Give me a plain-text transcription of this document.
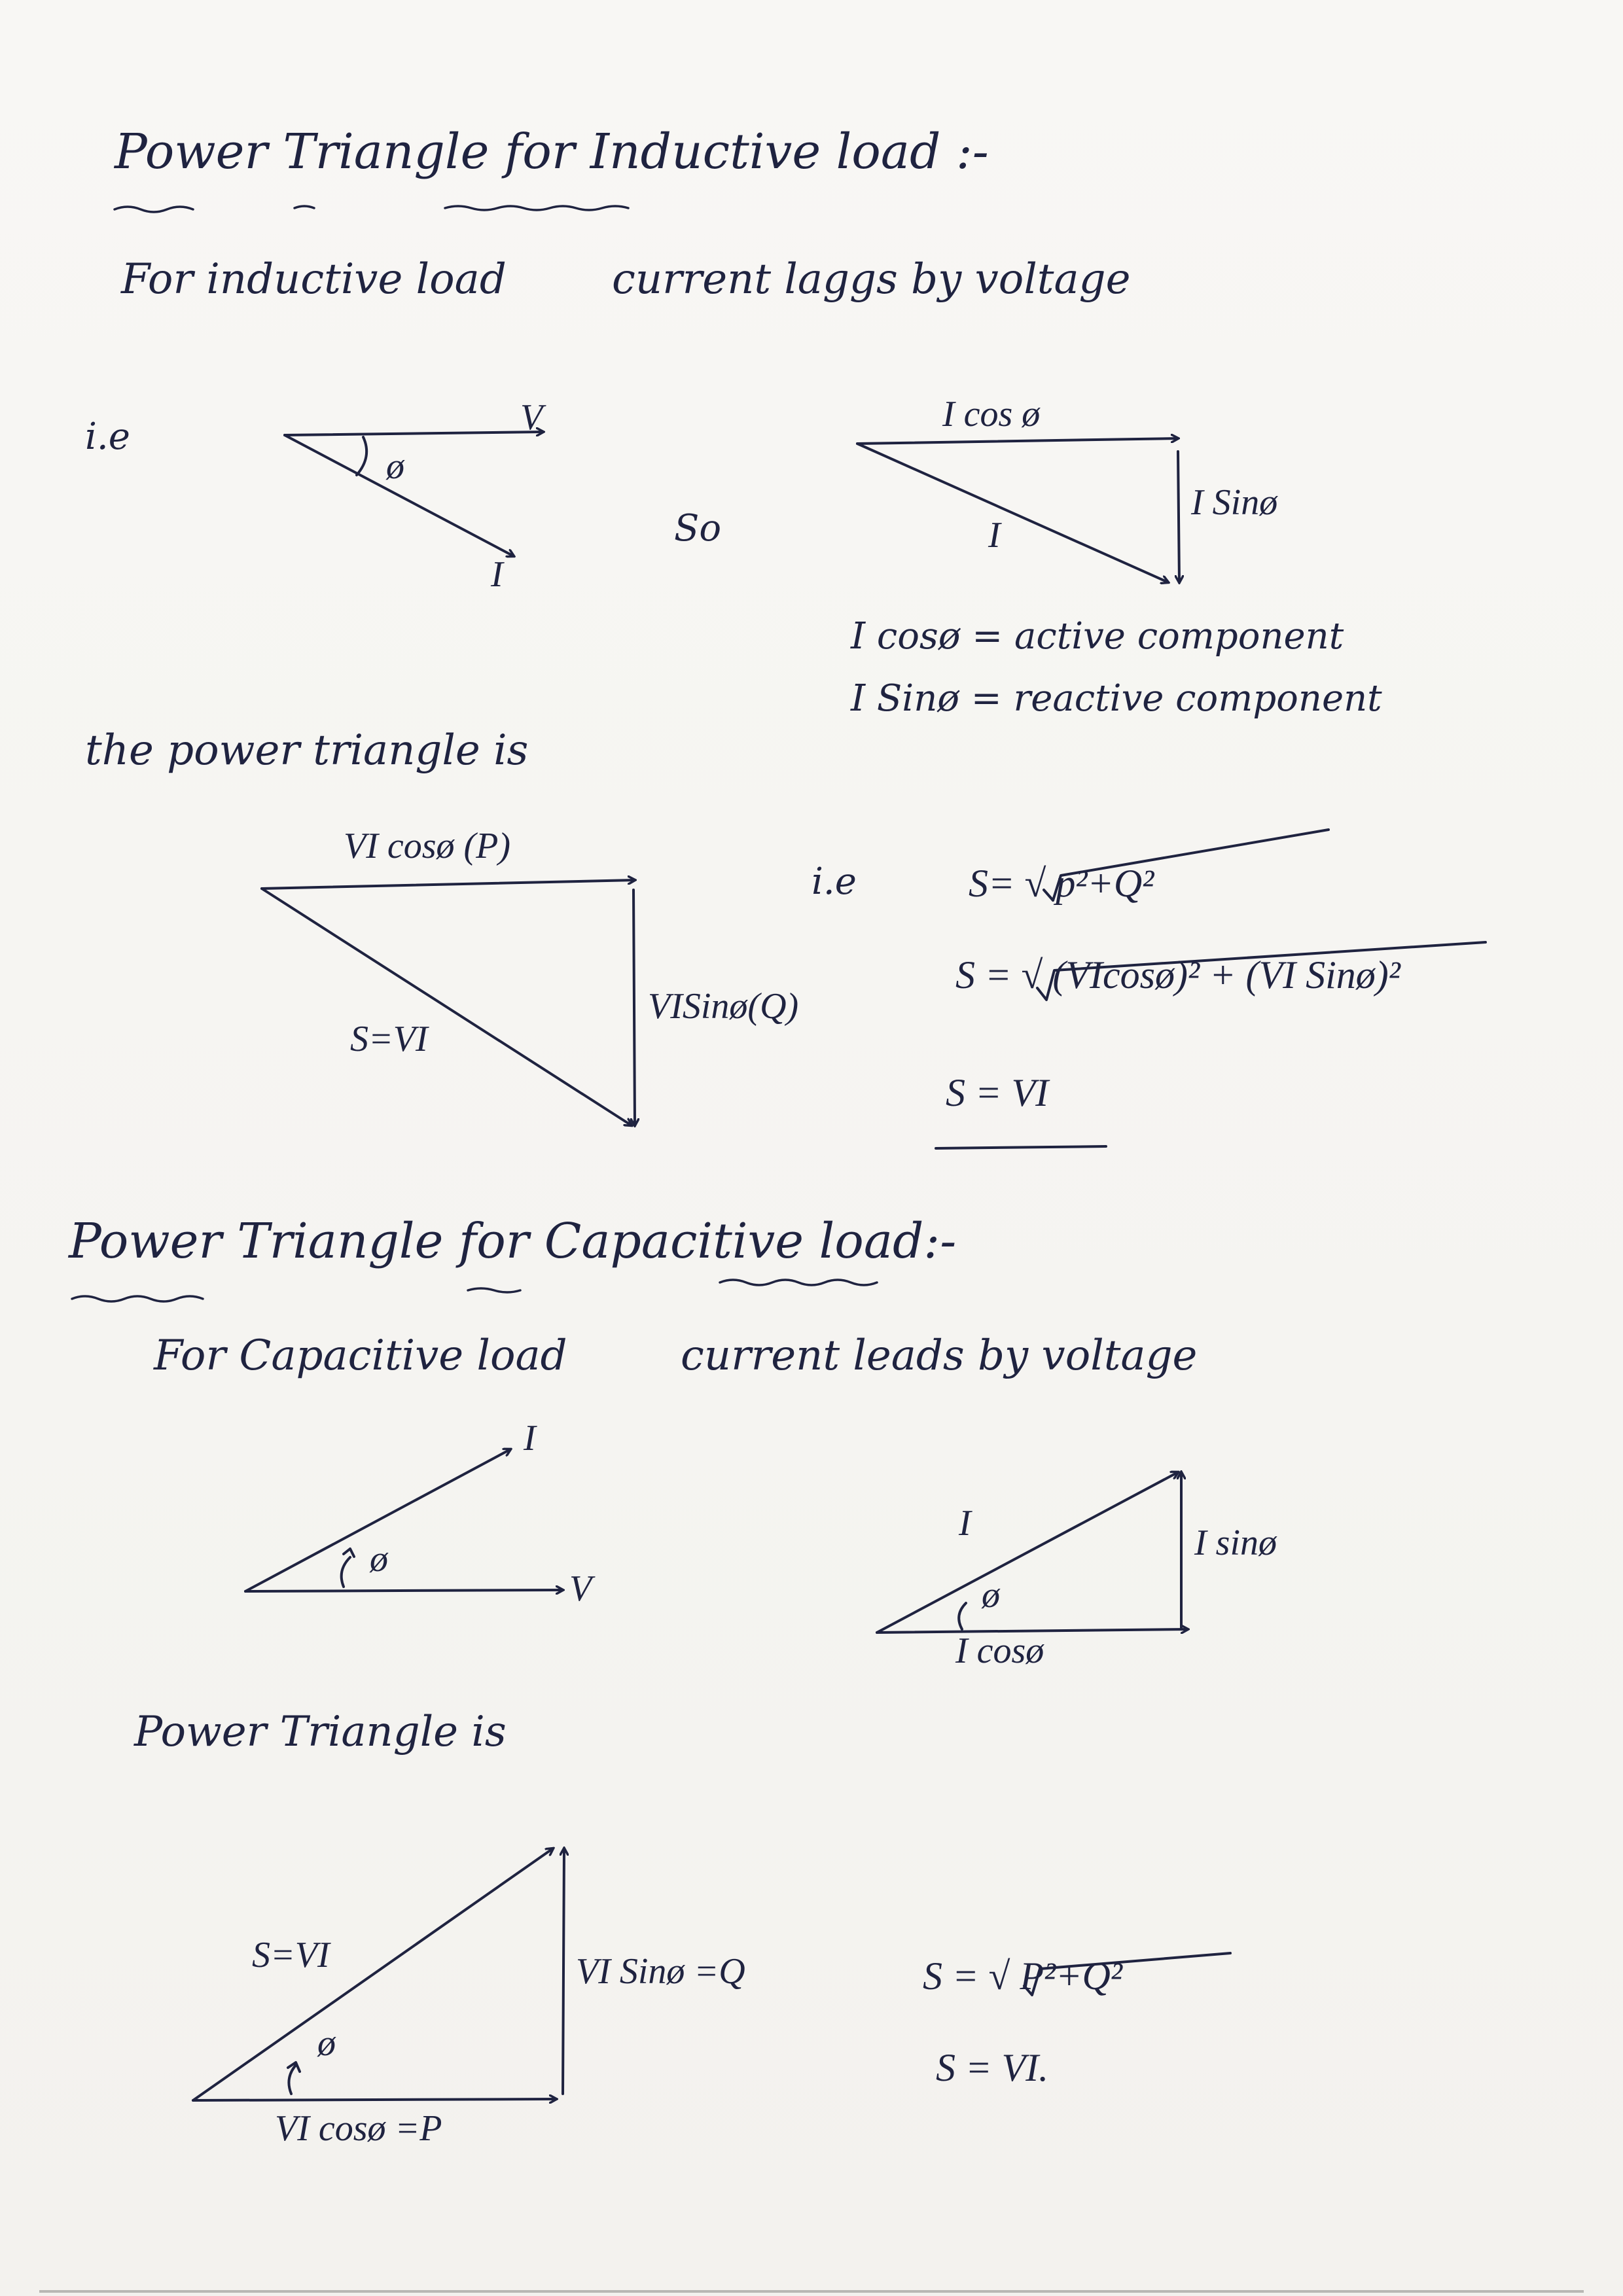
Power Triangle for Inductive load :-
For inductive load	current laggs by voltage
i.e	V
ø
I
So
I cos ø
I
I Sinø
I cosø = active component
I Sinø = reactive component
the power triangle is
VI cosø (P)
VISinø(Q)
S=VI
i.e	S= √ p²+Q²
S = √ (VIcosø)² + (VI Sinø)²
S = VI
Power Triangle for Capacitive load:-
For Capacitive load	current leads by voltage
I
ø
V
I
ø
I sinø
I cosø
Power Triangle is
S=VI
ø
VI Sinø =Q
VI cosø =P
S = √ P²+Q²
S = VI.
